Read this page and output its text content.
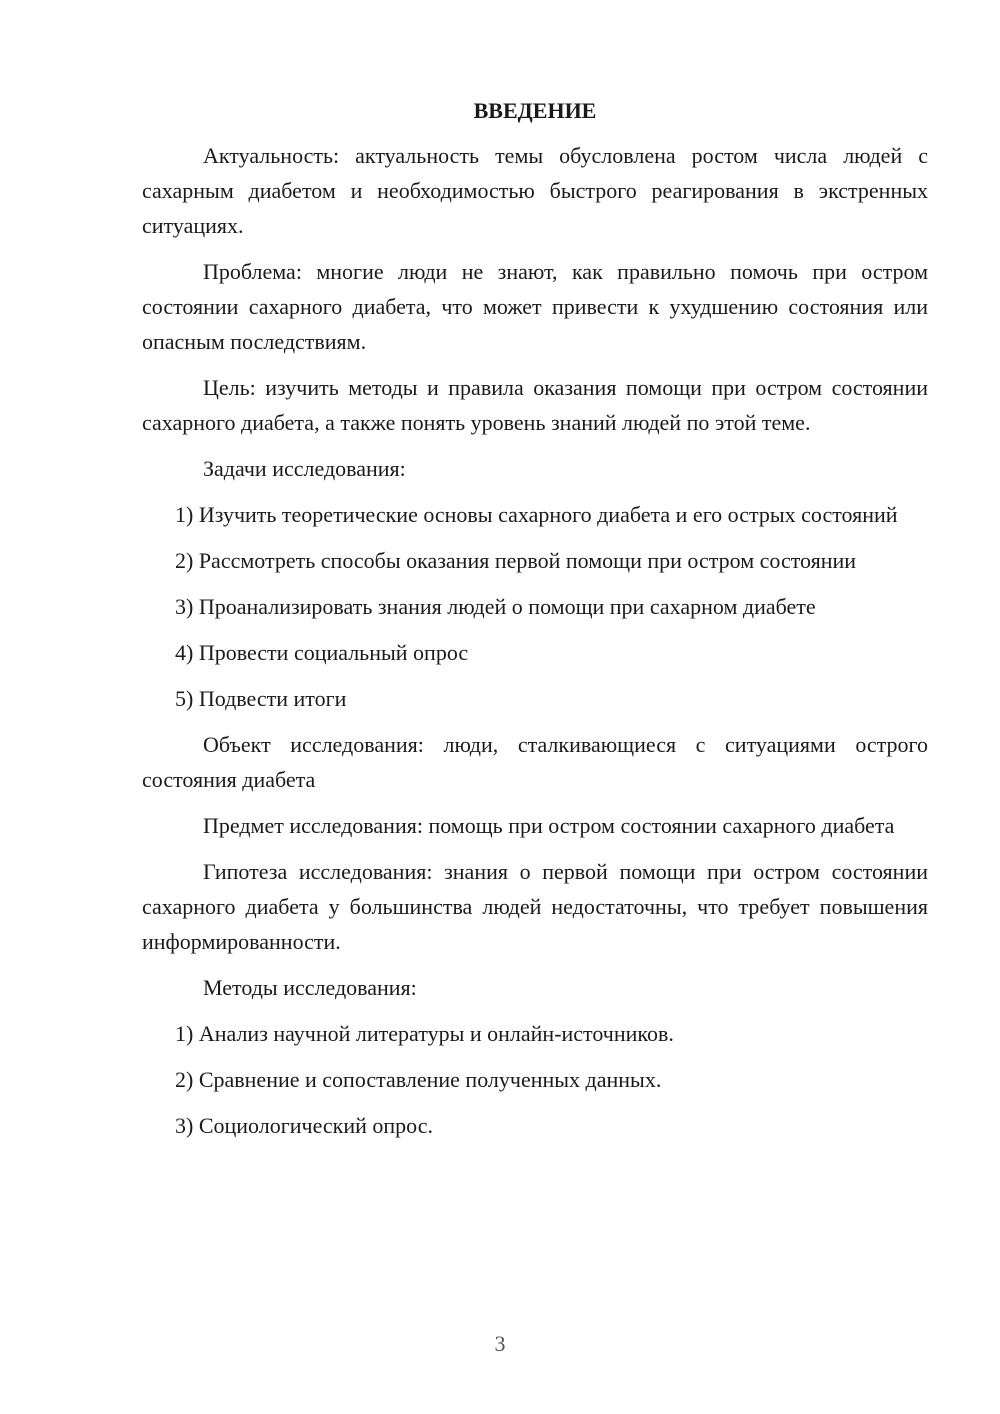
ВВЕДЕНИЕ

Актуальность: актуальность темы обусловлена ростом числа людей с сахарным диабетом и необходимостью быстрого реагирования в экстренных ситуациях.

Проблема: многие люди не знают, как правильно помочь при остром состоянии сахарного диабета, что может привести к ухудшению состояния или опасным последствиям.

Цель: изучить методы и правила оказания помощи при остром состоянии сахарного диабета, а также понять уровень знаний людей по этой теме.

Задачи исследования:

1) Изучить теоретические основы сахарного диабета и его острых состояний

2) Рассмотреть способы оказания первой помощи при остром состоянии

3) Проанализировать знания людей о помощи при сахарном диабете

4) Провести социальный опрос

5) Подвести итоги

Объект исследования: люди, сталкивающиеся с ситуациями острого состояния диабета

Предмет исследования: помощь при остром состоянии сахарного диабета

Гипотеза исследования: знания о первой помощи при остром состоянии сахарного диабета у большинства людей недостаточны, что требует повышения информированности.

Методы исследования:

1) Анализ научной литературы и онлайн-источников.

2) Сравнение и сопоставление полученных данных.

3) Социологический опрос.

3
